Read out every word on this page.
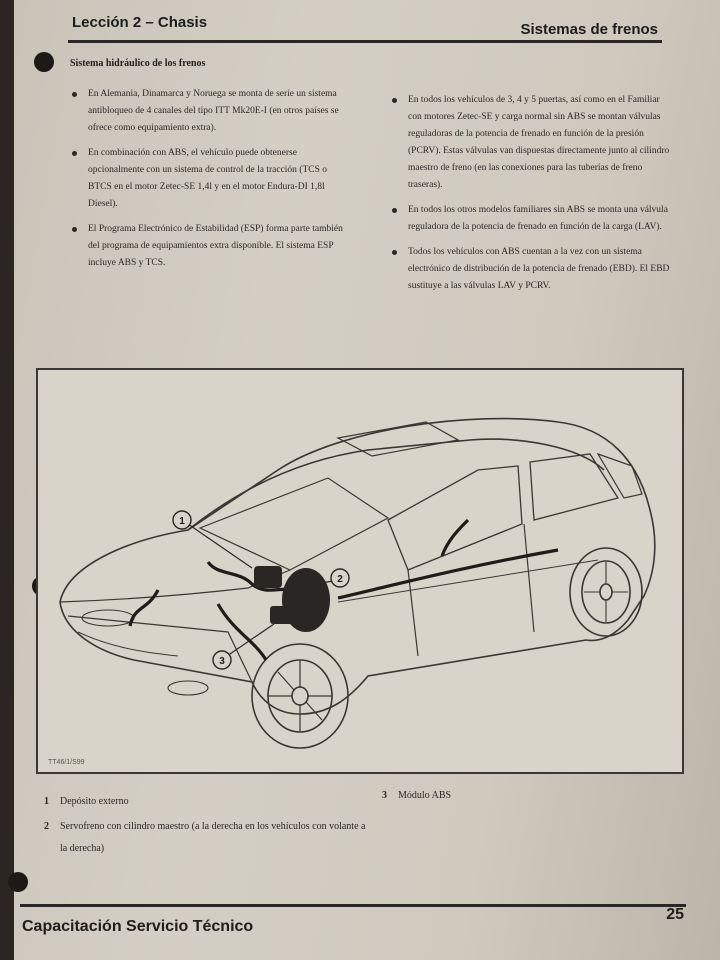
Lección 2 – Chasis	Sistemas de frenos
Sistema hidráulico de los frenos
En Alemania, Dinamarca y Noruega se monta de serie un sistema antibloqueo de 4 canales del tipo ITT Mk20E-I (en otros países se ofrece como equipamiento extra).
En combinación con ABS, el vehículo puede obtenerse opcionalmente con un sistema de control de la tracción (TCS o BTCS en el motor Zetec-SE 1,4l y en el motor Endura-DI 1,8l Diesel).
El Programa Electrónico de Estabilidad (ESP) forma parte también del programa de equipamientos extra disponible. El sistema ESP incluye ABS y TCS.
En todos los vehículos de 3, 4 y 5 puertas, así como en el Familiar con motores Zetec-SE y carga normal sin ABS se montan válvulas reguladoras de la potencia de frenado en función de la presión (PCRV). Estas válvulas van dispuestas directamente junto al cilindro maestro de freno (en las conexiones para las tuberías de freno traseras).
En todos los otros modelos familiares sin ABS se monta una válvula reguladora de la potencia de frenado en función de la carga (LAV).
Todos los vehículos con ABS cuentan a la vez con un sistema electrónico de distribución de la potencia de frenado (EBD). El EBD sustituye a las válvulas LAV y PCRV.
1
2
3
TT46/1/S99
1 Depósito externo
2 Servofreno con cilindro maestro (a la derecha en los vehículos con volante a la derecha)
3 Módulo ABS
Capacitación Servicio Técnico
25
